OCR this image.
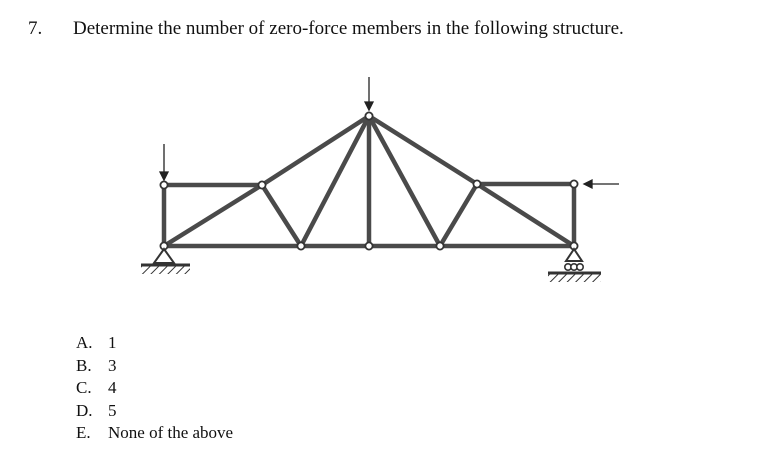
7. Determine the number of zero-force members in the following structure.
A. 1
B. 3
C. 4
D. 5
E.	None of the above
